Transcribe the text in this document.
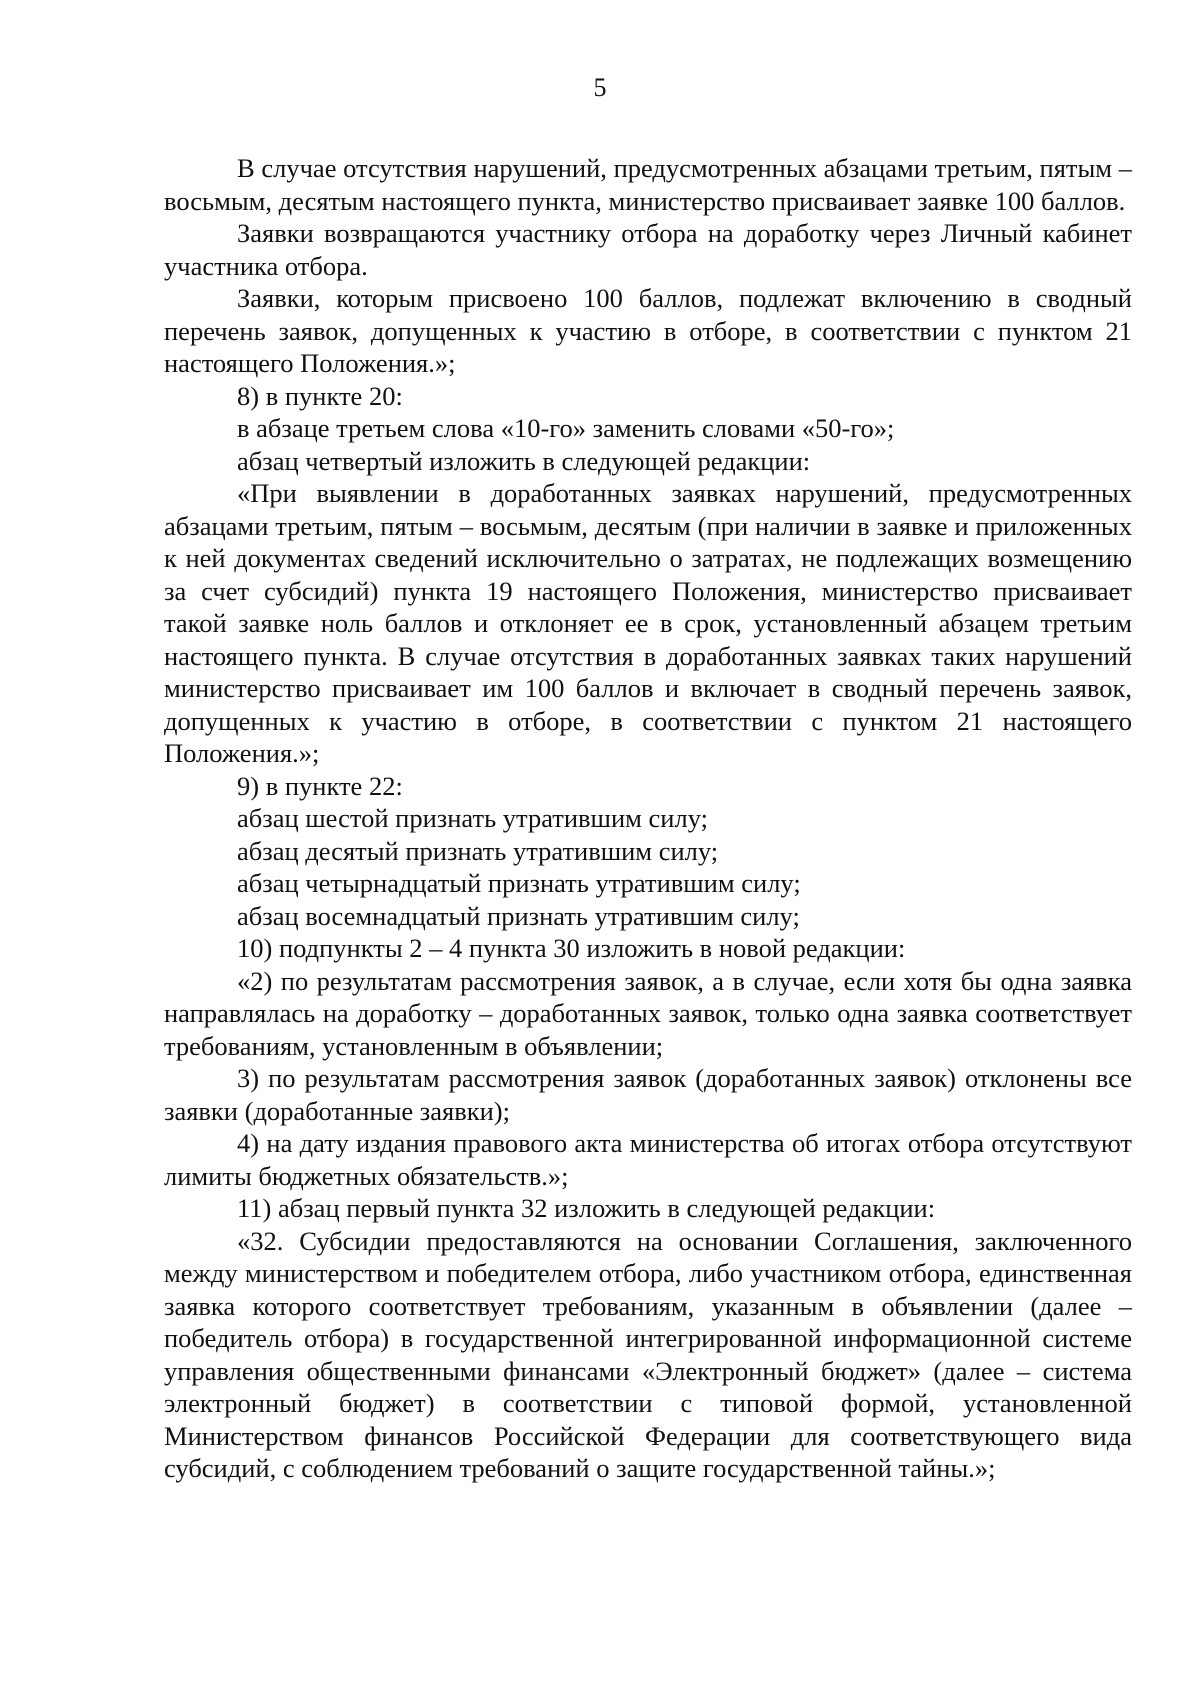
5

В случае отсутствия нарушений, предусмотренных абзацами третьим, пятым – восьмым, десятым настоящего пункта, министерство присваивает заявке 100 баллов.

Заявки возвращаются участнику отбора на доработку через Личный кабинет участника отбора.

Заявки, которым присвоено 100 баллов, подлежат включению в сводный перечень заявок, допущенных к участию в отборе, в соответствии с пунктом 21 настоящего Положения.»;

8) в пункте 20:

в абзаце третьем слова «10-го» заменить словами «50-го»;

абзац четвертый изложить в следующей редакции:

«При выявлении в доработанных заявках нарушений, предусмотренных абзацами третьим, пятым – восьмым, десятым (при наличии в заявке и приложенных к ней документах сведений исключительно о затратах, не подлежащих возмещению за счет субсидий) пункта 19 настоящего Положения, министерство присваивает такой заявке ноль баллов и отклоняет ее в срок, установленный абзацем третьим настоящего пункта. В случае отсутствия в доработанных заявках таких нарушений министерство присваивает им 100 баллов и включает в сводный перечень заявок, допущенных к участию в отборе, в соответствии с пунктом 21 настоящего Положения.»;

9) в пункте 22:

абзац шестой признать утратившим силу;

абзац десятый признать утратившим силу;

абзац четырнадцатый признать утратившим силу;

абзац восемнадцатый признать утратившим силу;

10) подпункты 2 – 4 пункта 30 изложить в новой редакции:

«2) по результатам рассмотрения заявок, а в случае, если хотя бы одна заявка направлялась на доработку – доработанных заявок, только одна заявка соответствует требованиям, установленным в объявлении;

3) по результатам рассмотрения заявок (доработанных заявок) отклонены все заявки (доработанные заявки);

4) на дату издания правового акта министерства об итогах отбора отсутствуют лимиты бюджетных обязательств.»;

11) абзац первый пункта 32 изложить в следующей редакции:

«32. Субсидии предоставляются на основании Соглашения, заключенного между министерством и победителем отбора, либо участником отбора, единственная заявка которого соответствует требованиям, указанным в объявлении (далее – победитель отбора) в государственной интегрированной информационной системе управления общественными финансами «Электронный бюджет» (далее – система электронный бюджет) в соответствии с типовой формой, установленной Министерством финансов Российской Федерации для соответствующего вида субсидий, с соблюдением требований о защите государственной тайны.»;
